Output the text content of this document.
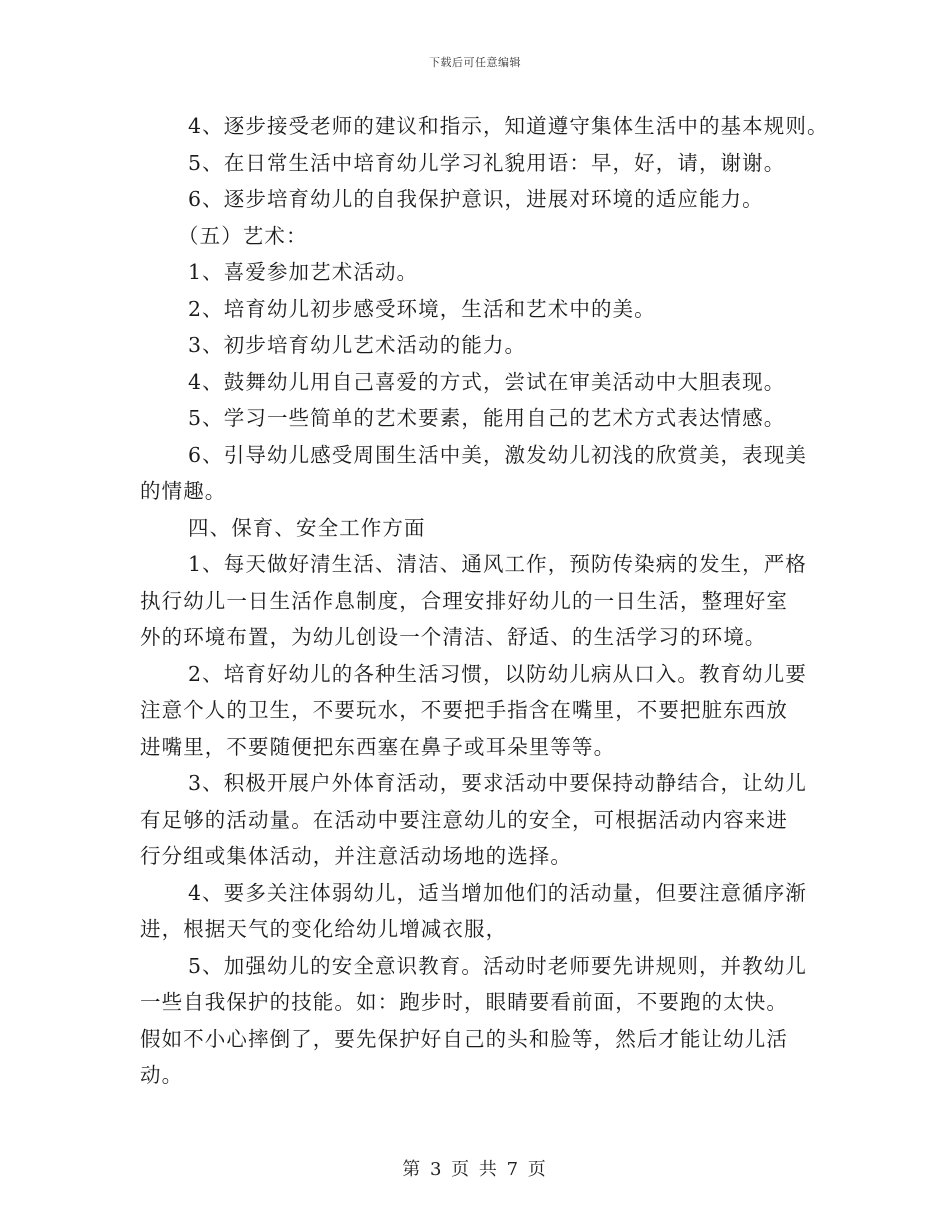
下载后可任意编辑

4、逐步接受老师的建议和指示，知道遵守集体生活中的基本规则。

5、在日常生活中培育幼儿学习礼貌用语：早，好，请，谢谢。

6、逐步培育幼儿的自我保护意识，进展对环境的适应能力。

（五）艺术：

1、喜爱参加艺术活动。

2、培育幼儿初步感受环境，生活和艺术中的美。

3、初步培育幼儿艺术活动的能力。

4、鼓舞幼儿用自己喜爱的方式，尝试在审美活动中大胆表现。

5、学习一些简单的艺术要素，能用自己的艺术方式表达情感。

6、引导幼儿感受周围生活中美，激发幼儿初浅的欣赏美，表现美

的情趣。

四、保育、安全工作方面

1、每天做好清生活、清洁、通风工作，预防传染病的发生，严格

执行幼儿一日生活作息制度，合理安排好幼儿的一日生活，整理好室

外的环境布置，为幼儿创设一个清洁、舒适、的生活学习的环境。

2、培育好幼儿的各种生活习惯，以防幼儿病从口入。教育幼儿要

注意个人的卫生，不要玩水，不要把手指含在嘴里，不要把脏东西放

进嘴里，不要随便把东西塞在鼻子或耳朵里等等。

3、积极开展户外体育活动，要求活动中要保持动静结合，让幼儿

有足够的活动量。在活动中要注意幼儿的安全，可根据活动内容来进

行分组或集体活动，并注意活动场地的选择。

4、要多关注体弱幼儿，适当增加他们的活动量，但要注意循序渐

进，根据天气的变化给幼儿增减衣服，

5、加强幼儿的安全意识教育。活动时老师要先讲规则，并教幼儿

一些自我保护的技能。如：跑步时，眼睛要看前面，不要跑的太快。

假如不小心摔倒了，要先保护好自己的头和脸等，然后才能让幼儿活

动。

第 3 页 共 7 页
